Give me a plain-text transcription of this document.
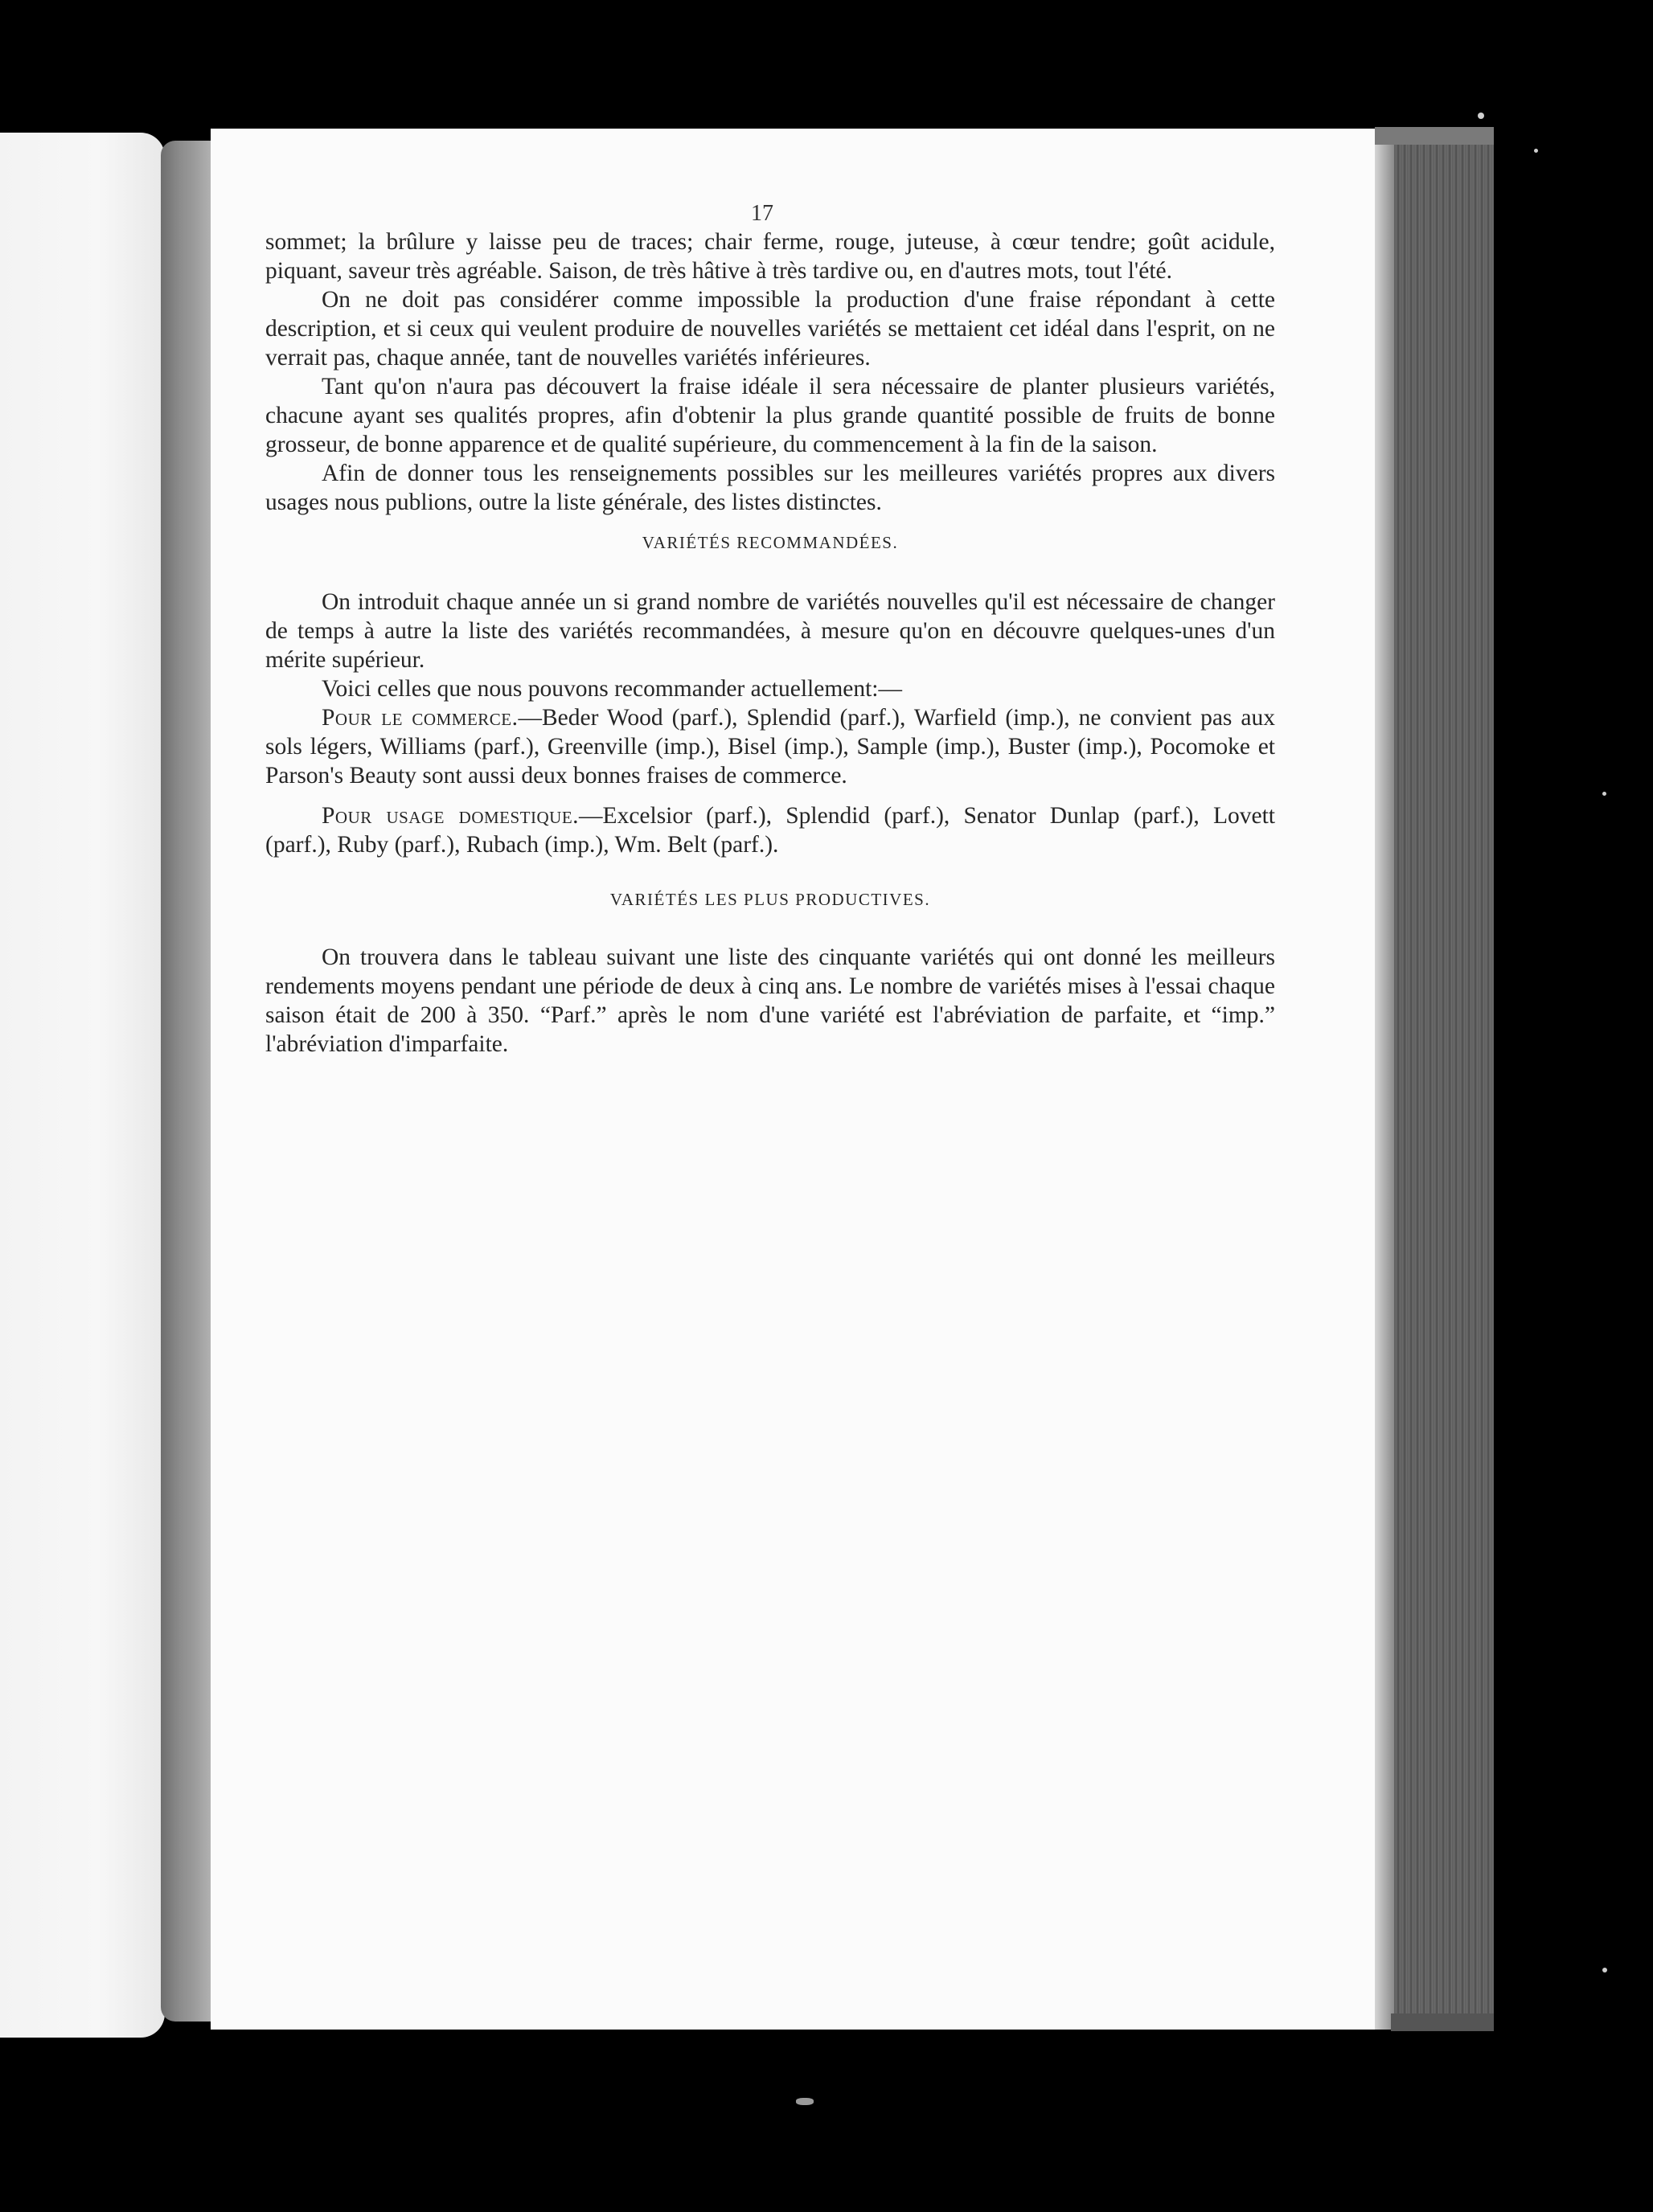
17

sommet; la brûlure y laisse peu de traces; chair ferme, rouge, juteuse, à cœur tendre; goût acidule, piquant, saveur très agréable. Saison, de très hâtive à très tardive ou, en d'autres mots, tout l'été.

On ne doit pas considérer comme impossible la production d'une fraise répondant à cette description, et si ceux qui veulent produire de nouvelles variétés se mettaient cet idéal dans l'esprit, on ne verrait pas, chaque année, tant de nouvelles variétés inférieures.

Tant qu'on n'aura pas découvert la fraise idéale il sera nécessaire de planter plusieurs variétés, chacune ayant ses qualités propres, afin d'obtenir la plus grande quantité possible de fruits de bonne grosseur, de bonne apparence et de qualité supérieure, du commencement à la fin de la saison.

Afin de donner tous les renseignements possibles sur les meilleures variétés propres aux divers usages nous publions, outre la liste générale, des listes distinctes.

VARIÉTÉS RECOMMANDÉES.

On introduit chaque année un si grand nombre de variétés nouvelles qu'il est nécessaire de changer de temps à autre la liste des variétés recommandées, à mesure qu'on en découvre quelques-unes d'un mérite supérieur.

Voici celles que nous pouvons recommander actuellement:—

Pour le commerce.—Beder Wood (parf.), Splendid (parf.), Warfield (imp.), ne convient pas aux sols légers, Williams (parf.), Greenville (imp.), Bisel (imp.), Sample (imp.), Buster (imp.), Pocomoke et Parson's Beauty sont aussi deux bonnes fraises de commerce.

Pour usage domestique.—Excelsior (parf.), Splendid (parf.), Senator Dunlap (parf.), Lovett (parf.), Ruby (parf.), Rubach (imp.), Wm. Belt (parf.).

VARIÉTÉS LES PLUS PRODUCTIVES.

On trouvera dans le tableau suivant une liste des cinquante variétés qui ont donné les meilleurs rendements moyens pendant une période de deux à cinq ans. Le nombre de variétés mises à l'essai chaque saison était de 200 à 350. “Parf.” après le nom d'une variété est l'abréviation de parfaite, et “imp.” l'abréviation d'imparfaite.
